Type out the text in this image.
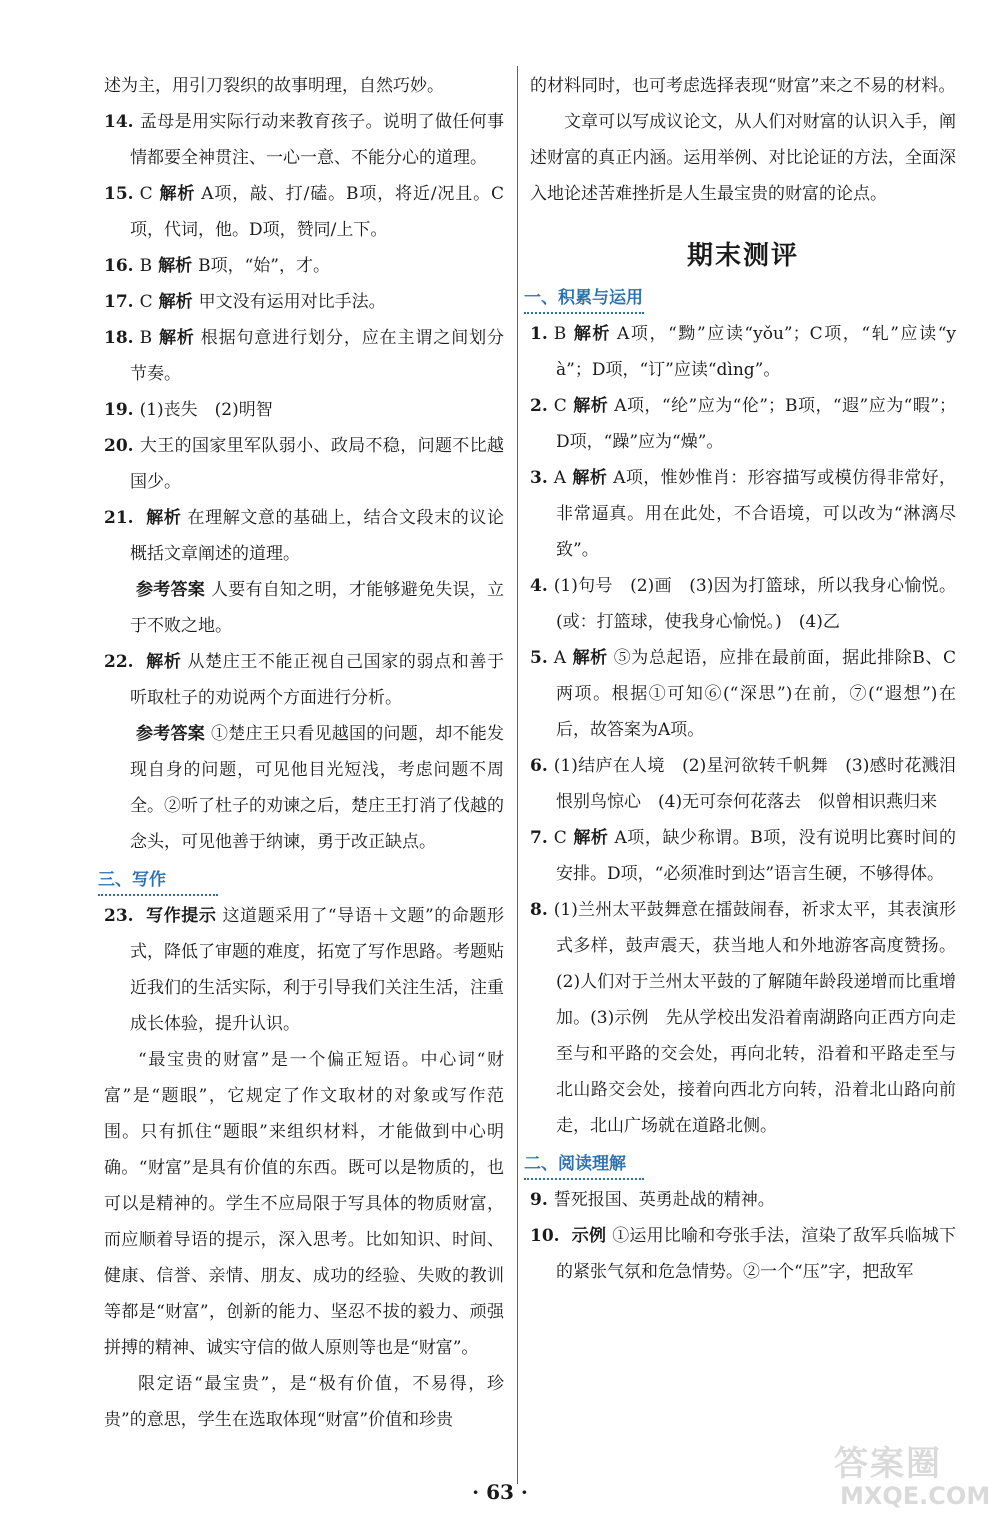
述为主，用引刀裂织的故事明理，自然巧妙。

14. 孟母是用实际行动来教育孩子。说明了做任何事情都要全神贯注、一心一意、不能分心的道理。

15. C 解析 A项，敲、打/磕。B项，将近/况且。C项，代词，他。D项，赞同/上下。

16. B 解析 B项，“始”，才。

17. C 解析 甲文没有运用对比手法。

18. B 解析 根据句意进行划分，应在主谓之间划分节奏。

19. (1)丧失　(2)明智

20. 大王的国家里军队弱小、政局不稳，问题不比越国少。

21. 解析 在理解文意的基础上，结合文段末的议论概括文章阐述的道理。

参考答案 人要有自知之明，才能够避免失误，立于不败之地。

22. 解析 从楚庄王不能正视自己国家的弱点和善于听取杜子的劝说两个方面进行分析。

参考答案 ①楚庄王只看见越国的问题，却不能发现自身的问题，可见他目光短浅，考虑问题不周全。②听了杜子的劝谏之后，楚庄王打消了伐越的念头，可见他善于纳谏，勇于改正缺点。

三、写作

23. 写作提示 这道题采用了“导语＋文题”的命题形式，降低了审题的难度，拓宽了写作思路。考题贴近我们的生活实际，利于引导我们关注生活，注重成长体验，提升认识。

“最宝贵的财富”是一个偏正短语。中心词“财富”是“题眼”，它规定了作文取材的对象或写作范围。只有抓住“题眼”来组织材料，才能做到中心明确。“财富”是具有价值的东西。既可以是物质的，也可以是精神的。学生不应局限于写具体的物质财富，而应顺着导语的提示，深入思考。比如知识、时间、健康、信誉、亲情、朋友、成功的经验、失败的教训等都是“财富”，创新的能力、坚忍不拔的毅力、顽强拼搏的精神、诚实守信的做人原则等也是“财富”。

限定语“最宝贵”，是“极有价值，不易得，珍贵”的意思，学生在选取体现“财富”价值和珍贵

的材料同时，也可考虑选择表现“财富”来之不易的材料。

文章可以写成议论文，从人们对财富的认识入手，阐述财富的真正内涵。运用举例、对比论证的方法，全面深入地论述苦难挫折是人生最宝贵的财富的论点。

期末测评
一、积累与运用

1. B 解析 A项，“黝”应读“yǒu”；C项，“轧”应读“yà”；D项，“订”应读“dìng”。

2. C 解析 A项，“纶”应为“伦”；B项，“遐”应为“暇”；D项，“躁”应为“燥”。

3. A 解析 A项，惟妙惟肖：形容描写或模仿得非常好，非常逼真。用在此处，不合语境，可以改为“淋漓尽致”。

4. (1)句号　(2)画　(3)因为打篮球，所以我身心愉悦。(或：打篮球，使我身心愉悦。)　(4)乙

5. A 解析 ⑤为总起语，应排在最前面，据此排除B、C两项。根据①可知⑥(“深思”)在前，⑦(“遐想”)在后，故答案为A项。

6. (1)结庐在人境　(2)星河欲转千帆舞　(3)感时花溅泪　恨别鸟惊心　(4)无可奈何花落去　似曾相识燕归来

7. C 解析 A项，缺少称谓。B项，没有说明比赛时间的安排。D项，“必须准时到达”语言生硬，不够得体。

8. (1)兰州太平鼓舞意在擂鼓闹春，祈求太平，其表演形式多样，鼓声震天，获当地人和外地游客高度赞扬。(2)人们对于兰州太平鼓的了解随年龄段递增而比重增加。(3)示例　先从学校出发沿着南湖路向正西方向走至与和平路的交会处，再向北转，沿着和平路走至与北山路交会处，接着向西北方向转，沿着北山路向前走，北山广场就在道路北侧。

二、阅读理解

9. 誓死报国、英勇赴战的精神。

10. 示例 ①运用比喻和夸张手法，渲染了敌军兵临城下的紧张气氛和危急情势。②一个“压”字，把敌军

· 63 ·
答案圈
MXQE.COM
